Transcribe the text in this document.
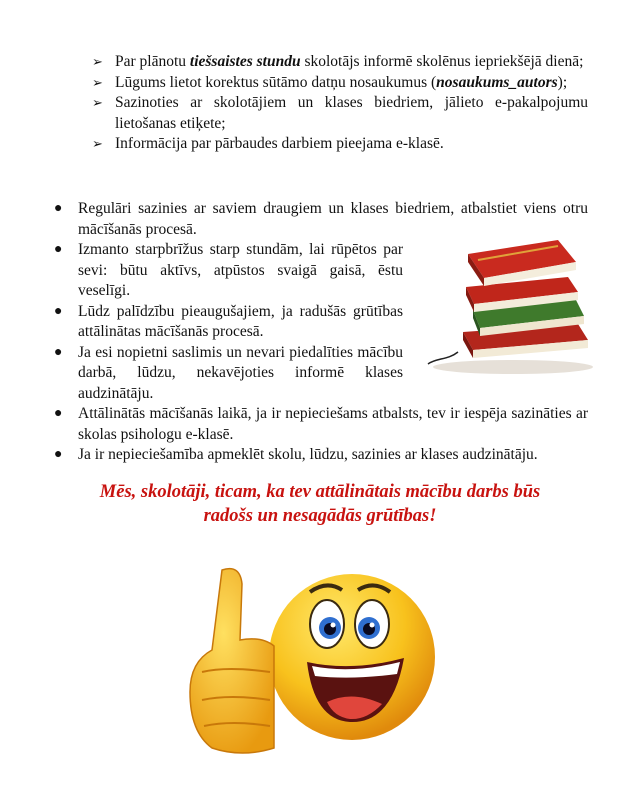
➢ Par plānotu tiešsaistes stundu skolotājs informē skolēnus iepriekšējā dienā;
➢ Lūgums lietot korektus sūtāmo datņu nosaukumus (nosaukums_autors);
➢ Sazinoties ar skolotājiem un klases biedriem, jālieto e-pakalpojumu lietošanas etiķete;
➢ Informācija par pārbaudes darbiem pieejama e-klasē.
● Regulāri sazinies ar saviem draugiem un klases biedriem, atbalstiet viens otru mācīšanās procesā.
● Izmanto starpbrīžus starp stundām, lai rūpētos par sevi: būtu aktīvs, atpūstos svaigā gaisā, ēstu veselīgi.
● Lūdz palīdzību pieaugušajiem, ja radušās grūtības attālinātas mācīšanās procesā.
● Ja esi nopietni saslimis un nevari piedalīties mācību darbā, lūdzu, nekavējoties informē klases audzinātāju.
● Attālinātās mācīšanās laikā, ja ir nepieciešams atbalsts, tev ir iespēja sazināties ar skolas psihologu e-klasē.
● Ja ir nepieciešamība apmeklēt skolu, lūdzu, sazinies ar klases audzinātāju.
Mēs, skolotāji, ticam, ka tev attālinātais mācību darbs būs
radošs un nesagādās grūtības!
